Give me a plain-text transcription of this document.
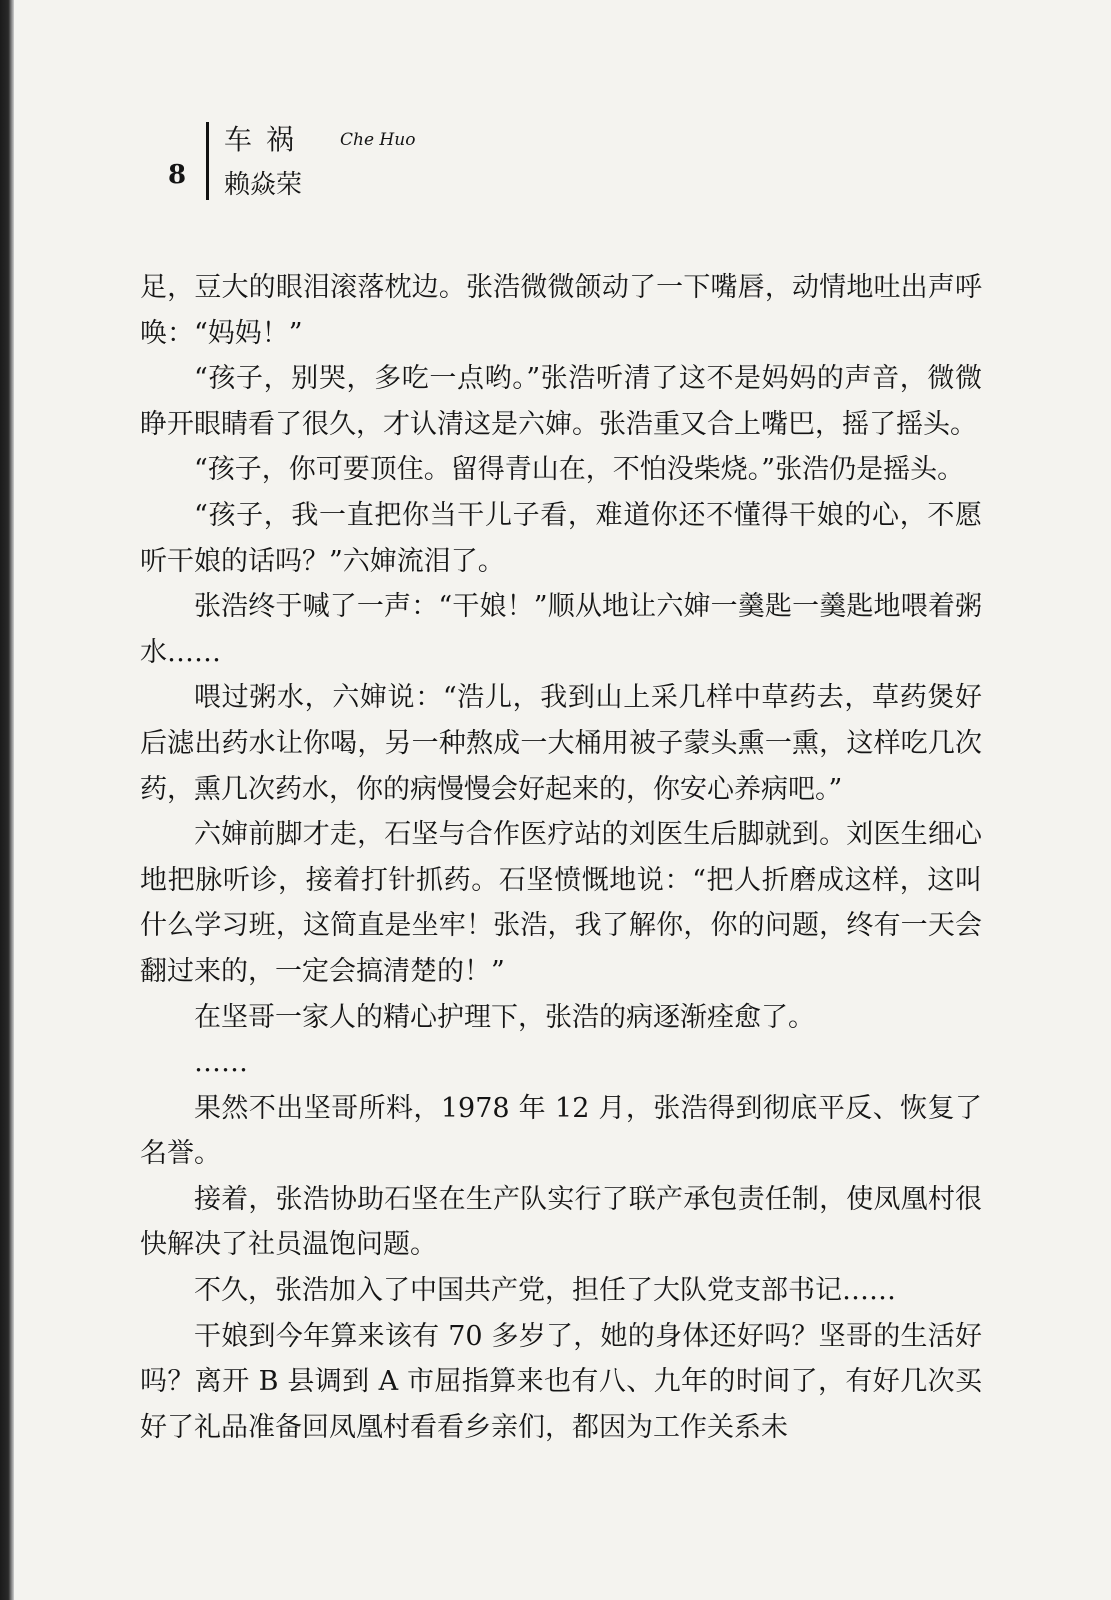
8
车祸 Che Huo
赖焱荣

足，豆大的眼泪滚落枕边。张浩微微颌动了一下嘴唇，动情地吐出声呼唤：“妈妈！”

“孩子，别哭，多吃一点哟。”张浩听清了这不是妈妈的声音，微微睁开眼睛看了很久，才认清这是六婶。张浩重又合上嘴巴，摇了摇头。

“孩子，你可要顶住。留得青山在，不怕没柴烧。”张浩仍是摇头。

“孩子，我一直把你当干儿子看，难道你还不懂得干娘的心，不愿听干娘的话吗？”六婶流泪了。

张浩终于喊了一声：“干娘！”顺从地让六婶一羹匙一羹匙地喂着粥水……

喂过粥水，六婶说：“浩儿，我到山上采几样中草药去，草药煲好后滤出药水让你喝，另一种熬成一大桶用被子蒙头熏一熏，这样吃几次药，熏几次药水，你的病慢慢会好起来的，你安心养病吧。”

六婶前脚才走，石坚与合作医疗站的刘医生后脚就到。刘医生细心地把脉听诊，接着打针抓药。石坚愤慨地说：“把人折磨成这样，这叫什么学习班，这简直是坐牢！张浩，我了解你，你的问题，终有一天会翻过来的，一定会搞清楚的！”

在坚哥一家人的精心护理下，张浩的病逐渐痊愈了。

……

果然不出坚哥所料，1978 年 12 月，张浩得到彻底平反、恢复了名誉。

接着，张浩协助石坚在生产队实行了联产承包责任制，使凤凰村很快解决了社员温饱问题。

不久，张浩加入了中国共产党，担任了大队党支部书记……

干娘到今年算来该有 70 多岁了，她的身体还好吗？坚哥的生活好吗？离开 B 县调到 A 市屈指算来也有八、九年的时间了，有好几次买好了礼品准备回凤凰村看看乡亲们，都因为工作关系未
